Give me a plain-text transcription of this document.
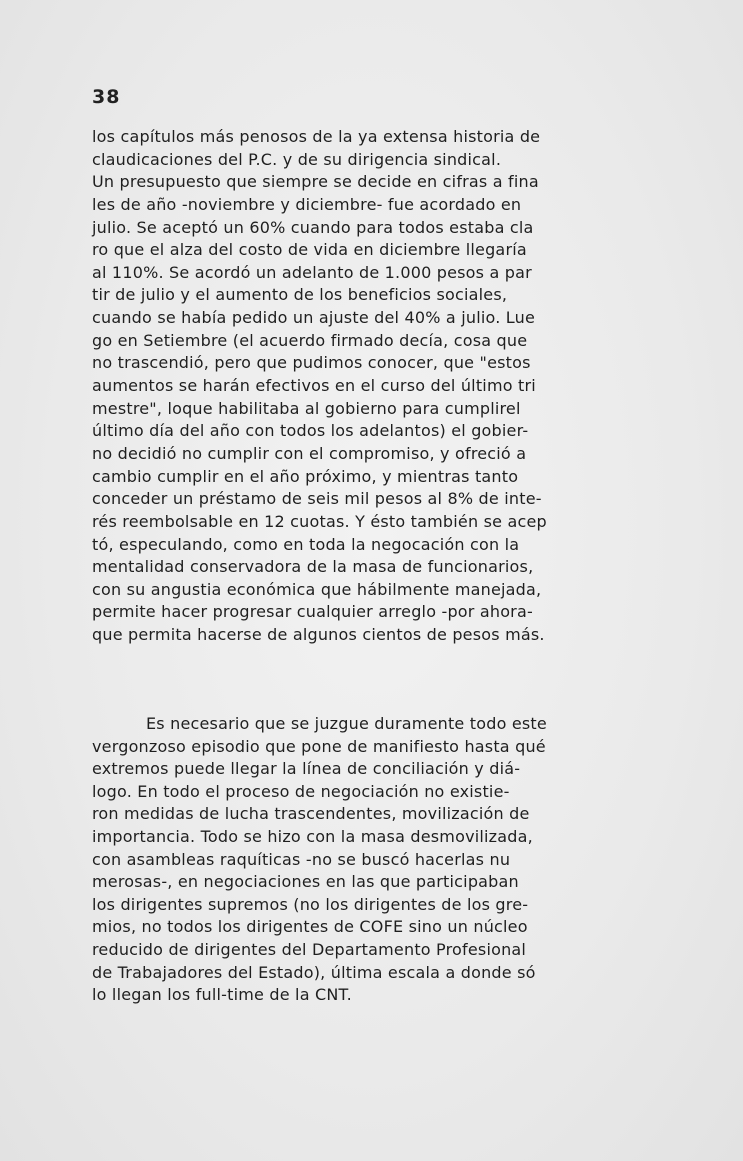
38
los capítulos más penosos de la ya extensa historia de
claudicaciones del P.C. y de su dirigencia sindical.
Un presupuesto que siempre se decide en cifras a fina
les de año -noviembre y diciembre- fue acordado en
julio. Se aceptó un 60% cuando para todos estaba cla
ro que el alza del costo de vida en diciembre llegaría
al 110%. Se acordó un adelanto de 1.000 pesos a par
tir de julio y el aumento de los beneficios sociales,
cuando se había pedido un ajuste del 40% a julio. Lue
go en Setiembre (el acuerdo firmado decía, cosa que
no trascendió, pero que pudimos conocer, que "estos
aumentos se harán efectivos en el curso del último tri
mestre", loque habilitaba al gobierno para cumplirel
último día del año con todos los adelantos) el gobier-
no decidió no cumplir con el compromiso, y ofreció a
cambio cumplir en el año próximo, y mientras tanto
conceder un préstamo de seis mil pesos al 8% de inte-
rés reembolsable en 12 cuotas. Y ésto también se acep
tó, especulando, como en toda la negocación con la
mentalidad conservadora de la masa de funcionarios,
con su angustia económica que hábilmente manejada,
permite hacer progresar cualquier arreglo -por ahora-
que permita hacerse de algunos cientos de pesos más.
Es necesario que se juzgue duramente todo este
vergonzoso episodio que pone de manifiesto hasta qué
extremos puede llegar la línea de conciliación y diá-
logo. En todo el proceso de negociación no existie-
ron medidas de lucha trascendentes, movilización de
importancia. Todo se hizo con la masa desmovilizada,
con asambleas raquíticas -no se buscó hacerlas nu
merosas-, en negociaciones en las que participaban
los dirigentes supremos (no los dirigentes de los gre-
mios, no todos los dirigentes de COFE sino un núcleo
reducido de dirigentes del Departamento Profesional
de Trabajadores del Estado), última escala a donde só
lo llegan los full-time de la CNT.
